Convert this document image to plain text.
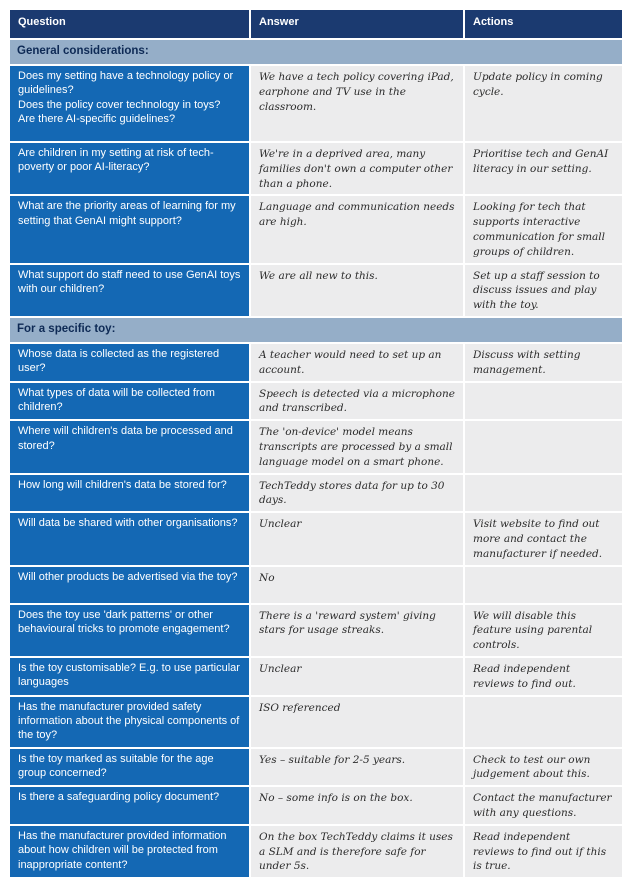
Question	Answer	Actions
General considerations:		

Does my setting have a technology policy or guidelines?
Does the policy cover technology in toys?
Are there AI-specific guidelines?	We have a tech policy covering iPad, earphone and TV use in the classroom.	Update policy in coming cycle.

Are children in my setting at risk of tech-poverty or poor AI-literacy?	We're in a deprived area, many families don't own a computer other than a phone.	Prioritise tech and GenAI literacy in our setting.

What are the priority areas of learning for my setting that GenAI might support?	Language and communication needs are high.	Looking for tech that supports interactive communication for small groups of children.

What support do staff need to use GenAI toys with our children?	We are all new to this.	Set up a staff session to discuss issues and play with the toy.
For a specific toy:		

Whose data is collected as the registered user?	A teacher would need to set up an account.	Discuss with setting management.

What types of data will be collected from children?	Speech is detected via a microphone and transcribed.	

Where will children's data be processed and stored?	The 'on-device' model means transcripts are processed by a small language model on a smart phone.	

How long will children's data be stored for?	TechTeddy stores data for up to 30 days.	

Will data be shared with other organisations?	Unclear	Visit website to find out more and contact the manufacturer if needed.

Will other products be advertised via the toy?	No	

Does the toy use 'dark patterns' or other behavioural tricks to promote engagement?	There is a 'reward system' giving stars for usage streaks.	We will disable this feature using parental controls.

Is the toy customisable? E.g. to use particular languages	Unclear	Read independent reviews to find out.

Has the manufacturer provided safety information about the physical components of the toy?	ISO referenced	

Is the toy marked as suitable for the age group concerned?	Yes – suitable for 2-5 years.	Check to test our own judgement about this.

Is there a safeguarding policy document?	No – some info is on the box.	Contact the manufacturer with any questions.

Has the manufacturer provided information about how children will be protected from inappropriate content?	On the box TechTeddy claims it uses a SLM and is therefore safe for under 5s.	Read independent reviews to find out if this is true.
